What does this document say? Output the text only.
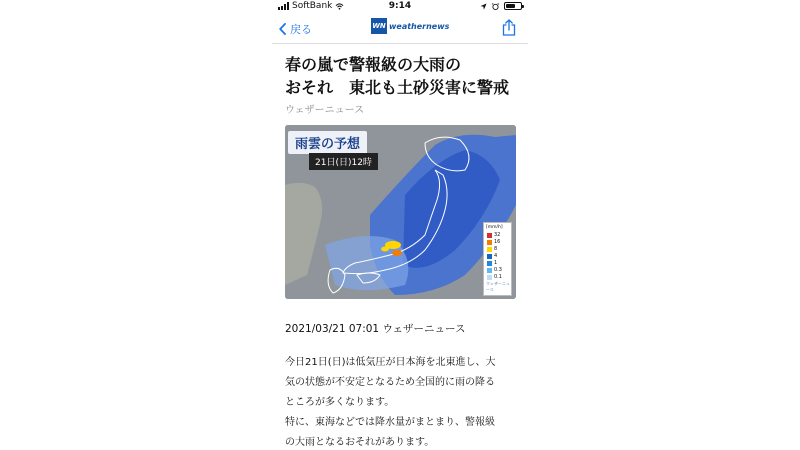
SoftBank	9:14
戻る	WN weathernews
春の嵐で警報級の大雨の
おそれ　東北も土砂災害に警戒
ウェザーニュース
雨雲の予想
21日(日)12時
[mm/h]
32
16
8
4
1
0.3
0.1
ウェザーニュース
2021/03/21 07:01 ウェザーニュース

今日21日(日)は低気圧が日本海を北東進し、大
気の状態が不安定となるため全国的に雨の降る
ところが多くなります。
特に、東海などでは降水量がまとまり、警報級
の大雨となるおそれがあります。
